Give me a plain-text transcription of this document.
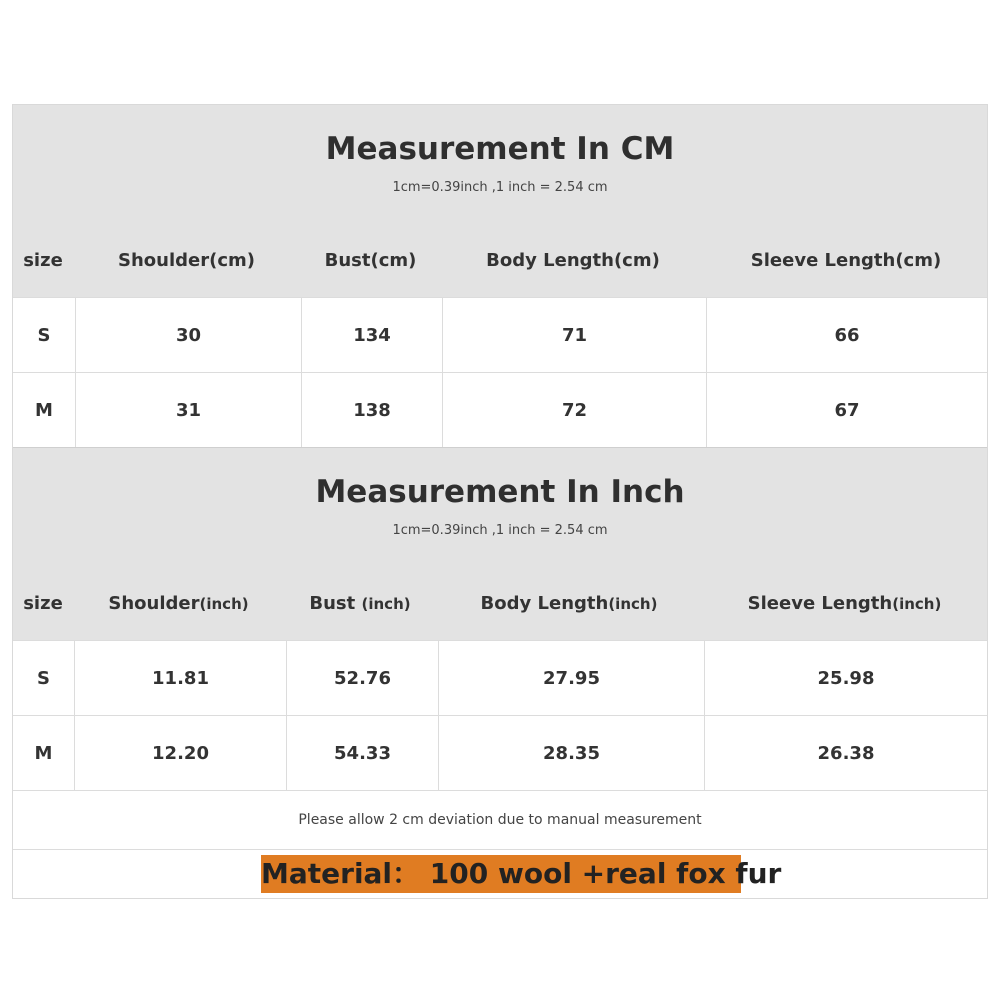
Measurement In CM
1cm=0.39inch ,1 inch = 2.54 cm
size	Shoulder(cm)	Bust(cm)	Body Length(cm)	Sleeve Length(cm)
S	30	134	71	66
M	31	138	72	67
Measurement In Inch
1cm=0.39inch ,1 inch = 2.54 cm
size	Shoulder(inch)	Bust (inch)	Body Length(inch)	Sleeve Length(inch)
S	11.81	52.76	27.95	25.98
M	12.20	54.33	28.35	26.38
Please allow 2 cm deviation due to manual measurement
Material： 100 wool +real fox fur
